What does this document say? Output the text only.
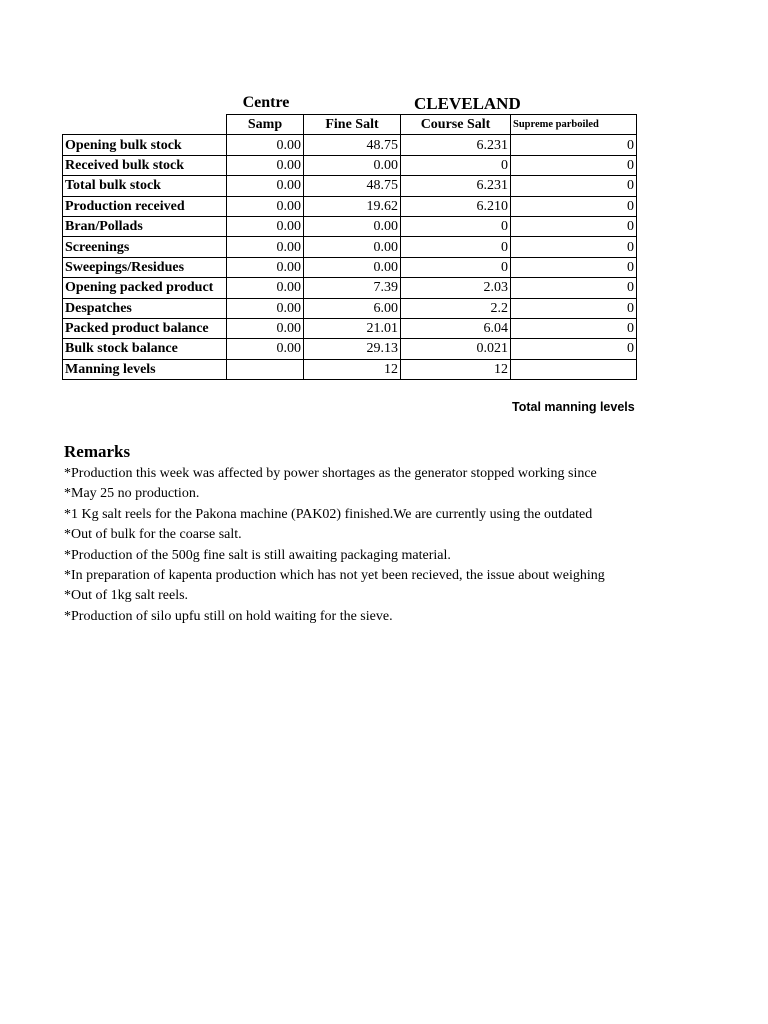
Centre	CLEVELAND
	Samp	Fine Salt	Course Salt	Supreme parboiled
Opening bulk stock	0.00	48.75	6.231	0
Received bulk stock	0.00	0.00	0	0
Total bulk stock	0.00	48.75	6.231	0
Production received	0.00	19.62	6.210	0
Bran/Pollads	0.00	0.00	0	0
Screenings	0.00	0.00	0	0
Sweepings/Residues	0.00	0.00	0	0
Opening packed product	0.00	7.39	2.03	0
Despatches	0.00	6.00	2.2	0
Packed product balance	0.00	21.01	6.04	0
Bulk stock balance	0.00	29.13	0.021	0
Manning levels		12	12	
Total manning levels
Remarks
*Production this week was affected by power shortages as the generator stopped working since
*May 25 no production.
*1 Kg salt reels for the Pakona machine (PAK02) finished.We are currently using the outdated
*Out of bulk for the coarse salt.
*Production of the 500g fine salt is still awaiting packaging material.
*In preparation of kapenta production which has not yet been recieved, the issue about weighing
*Out of 1kg salt reels.
*Production of silo upfu still on hold waiting for the sieve.
